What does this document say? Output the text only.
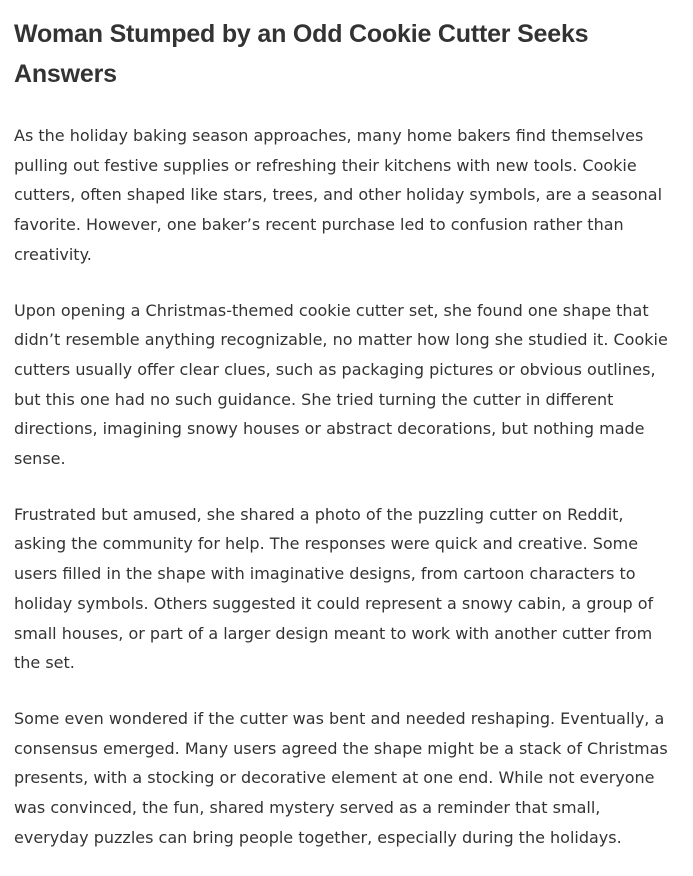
Woman Stumped by an Odd Cookie Cutter Seeks Answers

As the holiday baking season approaches, many home bakers find themselves pulling out festive supplies or refreshing their kitchens with new tools. Cookie cutters, often shaped like stars, trees, and other holiday symbols, are a seasonal favorite. However, one baker’s recent purchase led to confusion rather than creativity.

Upon opening a Christmas-themed cookie cutter set, she found one shape that didn’t resemble anything recognizable, no matter how long she studied it. Cookie cutters usually offer clear clues, such as packaging pictures or obvious outlines, but this one had no such guidance. She tried turning the cutter in different directions, imagining snowy houses or abstract decorations, but nothing made sense.

Frustrated but amused, she shared a photo of the puzzling cutter on Reddit, asking the community for help. The responses were quick and creative. Some users filled in the shape with imaginative designs, from cartoon characters to holiday symbols. Others suggested it could represent a snowy cabin, a group of small houses, or part of a larger design meant to work with another cutter from the set.

Some even wondered if the cutter was bent and needed reshaping. Eventually, a consensus emerged. Many users agreed the shape might be a stack of Christmas presents, with a stocking or decorative element at one end. While not everyone was convinced, the fun, shared mystery served as a reminder that small, everyday puzzles can bring people together, especially during the holidays.
